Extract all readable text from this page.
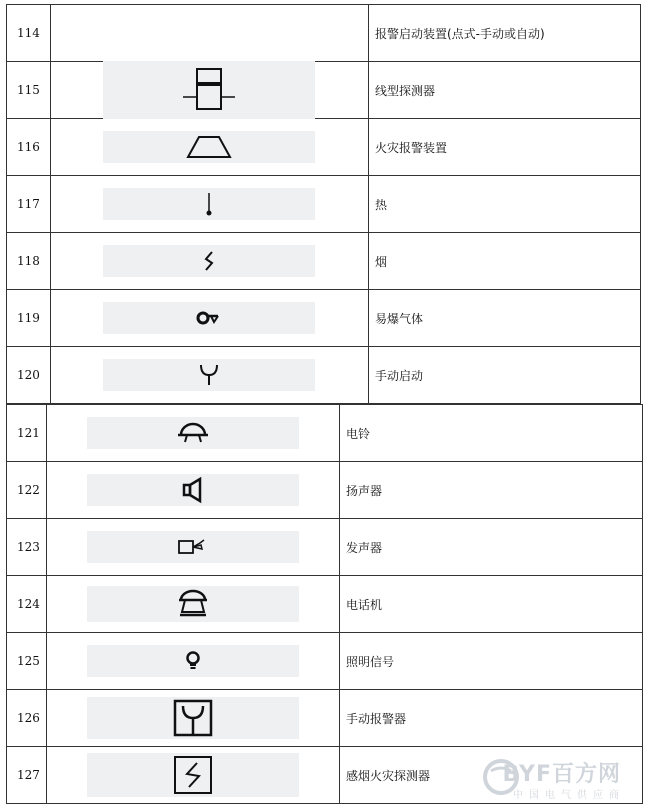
114		报警启动装置(点式-手动或自动)
115		线型探测器
116		火灾报警装置
117		热
118		烟
119		易爆气体
120		手动启动
121		电铃
122		扬声器
123		发声器
124		电话机
125		照明信号
126		手动报警器
127		感烟火灾探测器	BYF百方网
中国电气供应商
